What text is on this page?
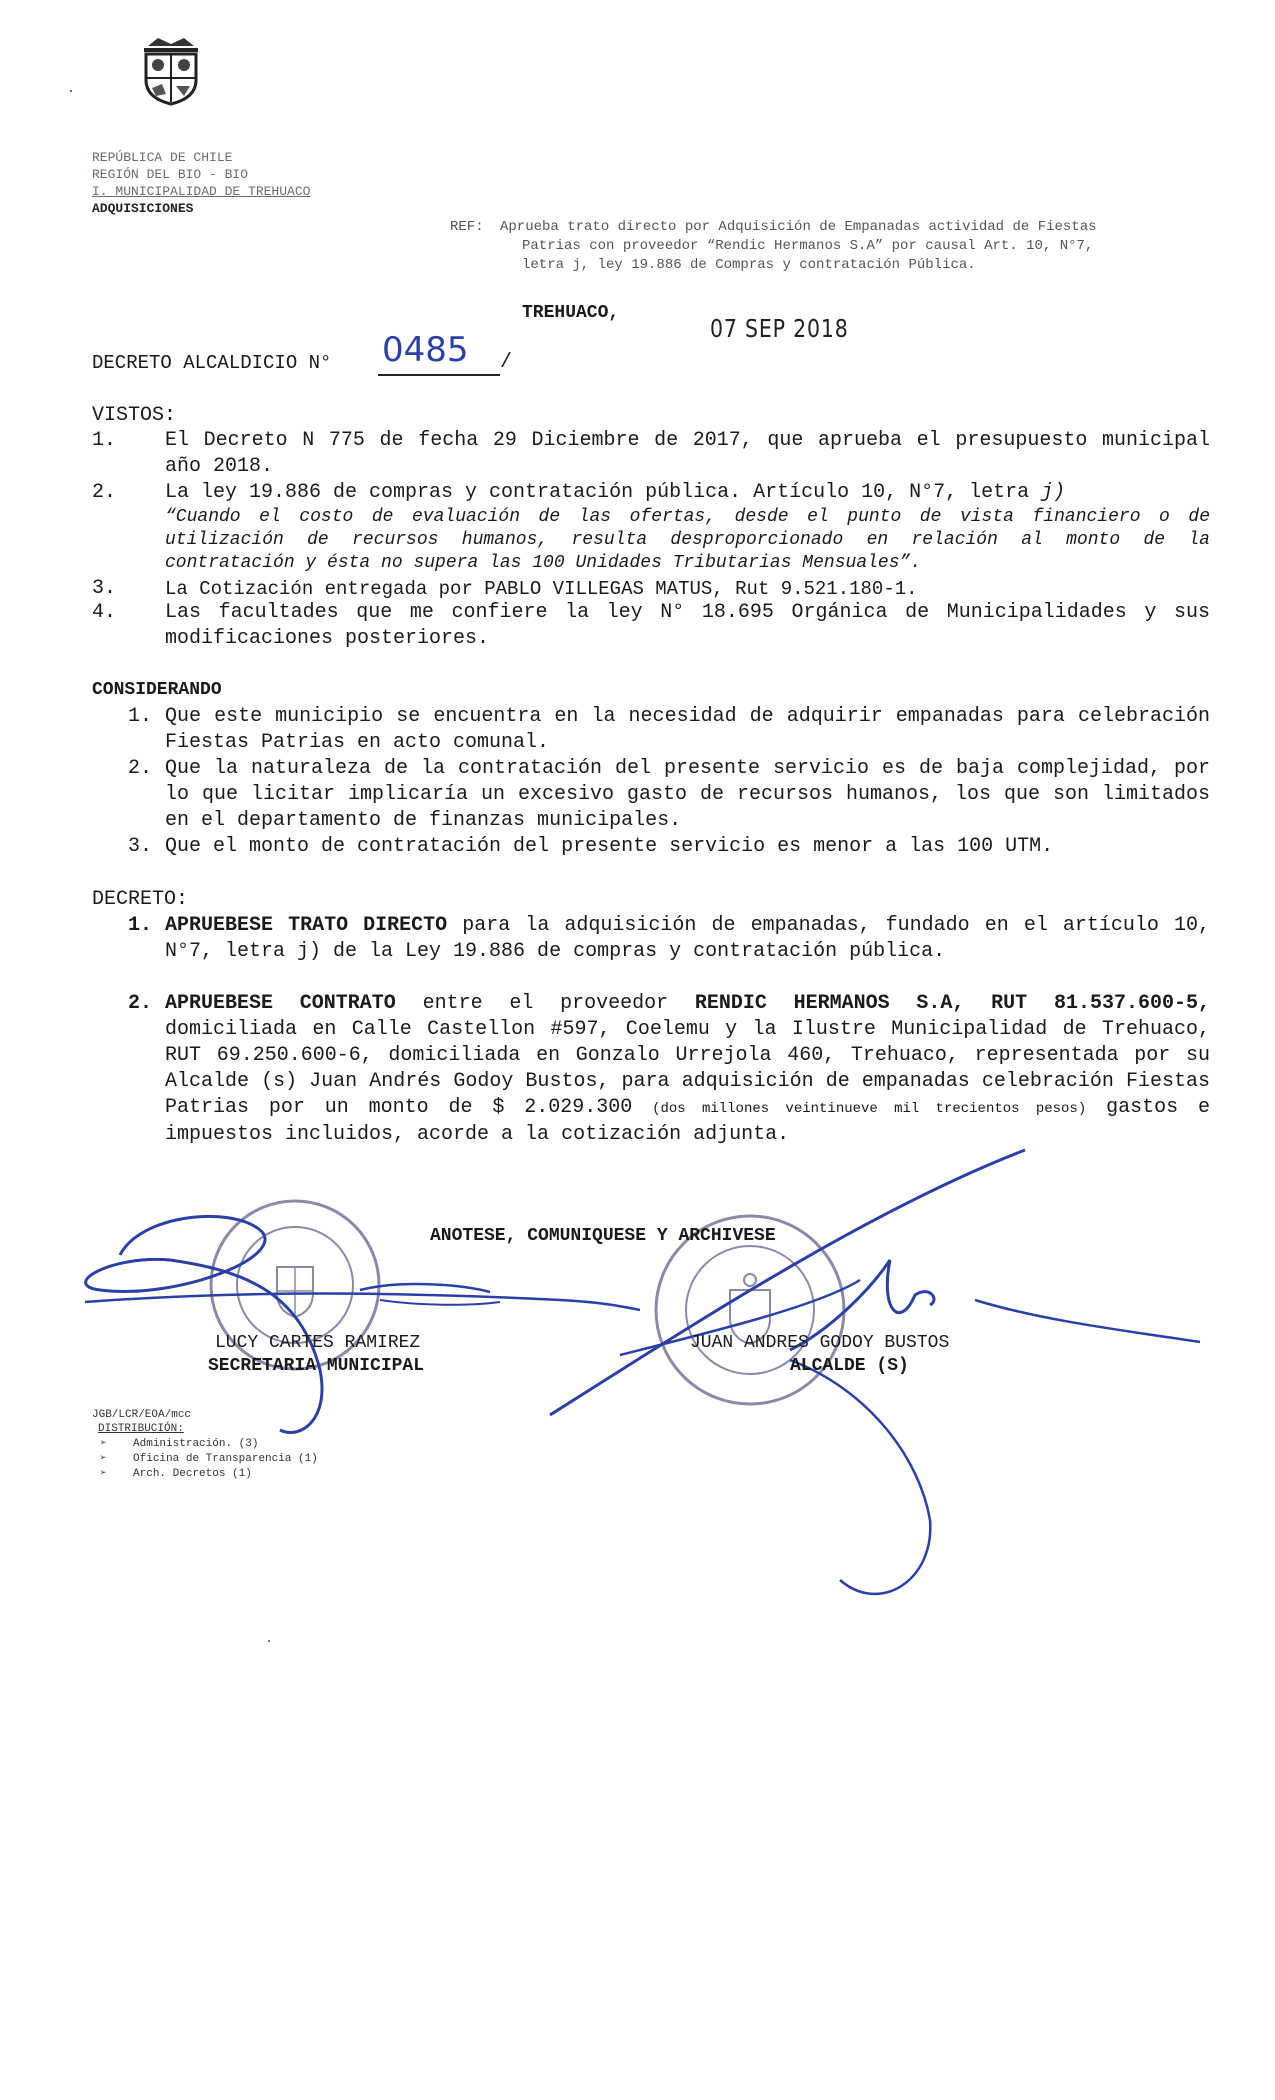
REPÚBLICA DE CHILE
REGIÓN DEL BIO - BIO
I. MUNICIPALIDAD DE TREHUACO
ADQUISICIONES
REF: Aprueba trato directo por Adquisición de Empanadas actividad de Fiestas
Patrias con proveedor “Rendic Hermanos S.A” por causal Art. 10, N°7,
letra j, ley 19.886 de Compras y contratación Pública.
TREHUACO,
07 SEP 2018
DECRETO ALCALDICIO N° 0485 /
VISTOS:
1. El Decreto N 775 de fecha 29 Diciembre de 2017, que aprueba el presupuesto municipal año 2018.
2. La ley 19.886 de compras y contratación pública. Artículo 10, N°7, letra j)
“Cuando el costo de evaluación de las ofertas, desde el punto de vista financiero o de utilización de recursos humanos, resulta desproporcionado en relación al monto de la contratación y ésta no supera las 100 Unidades Tributarias Mensuales”.
3.	La Cotización entregada por PABLO VILLEGAS MATUS, Rut 9.521.180-1.
4. Las facultades que me confiere la ley N° 18.695 Orgánica de Municipalidades y sus modificaciones posteriores.
CONSIDERANDO
1. Que este municipio se encuentra en la necesidad de adquirir empanadas para celebración Fiestas Patrias en acto comunal.
2. Que la naturaleza de la contratación del presente servicio es de baja complejidad, por lo que licitar implicaría un excesivo gasto de recursos humanos, los que son limitados en el departamento de finanzas municipales.
3. Que el monto de contratación del presente servicio es menor a las 100 UTM.
DECRETO:
1. APRUEBESE TRATO DIRECTO para la adquisición de empanadas, fundado en el artículo 10, N°7, letra j) de la Ley 19.886 de compras y contratación pública.
2. APRUEBESE CONTRATO entre el proveedor RENDIC HERMANOS S.A, RUT 81.537.600-5, domiciliada en Calle Castellon #597, Coelemu y la Ilustre Municipalidad de Trehuaco, RUT 69.250.600-6, domiciliada en Gonzalo Urrejola 460, Trehuaco, representada por su Alcalde (s) Juan Andrés Godoy Bustos, para adquisición de empanadas celebración Fiestas Patrias por un monto de $ 2.029.300 (dos millones veintinueve mil trecientos pesos) gastos e impuestos incluidos, acorde a la cotización adjunta.
ANOTESE, COMUNIQUESE Y ARCHIVESE
LUCY CARTES RAMIREZ
SECRETARIA MUNICIPAL
JUAN ANDRES GODOY BUSTOS
ALCALDE (S)
JGB/LCR/EOA/mcc
DISTRIBUCIÓN:
➢ Administración. (3)
➢ Oficina de Transparencia (1)
➢ Arch. Decretos (1)
